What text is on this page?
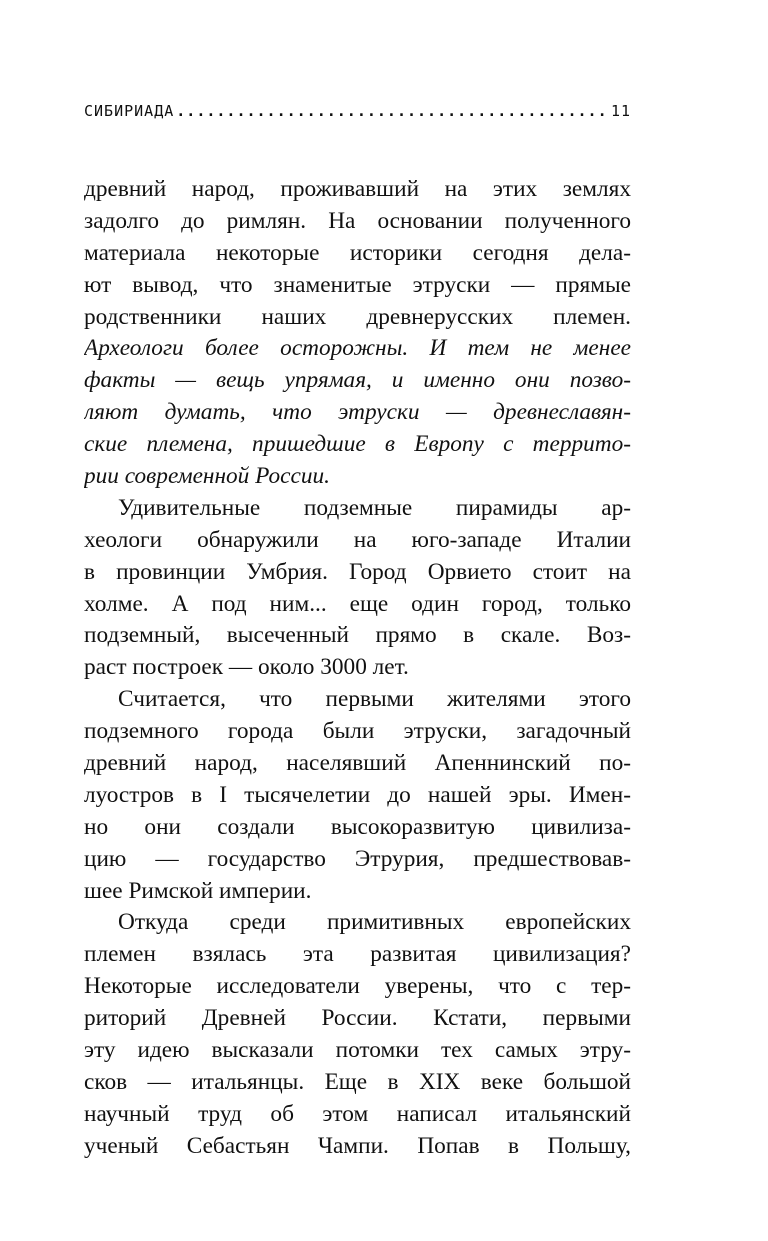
СИБИРИАДА
.....	11

древний народ, проживавший на этих землях
задолго до римлян. На основании полученного
материала некоторые историки сегодня дела-
ют вывод, что знаменитые этруски — прямые
родственники наших древнерусских племен.
Археологи более осторожны. И тем не менее
факты — вещь упрямая, и именно они позво-
ляют думать, что этруски — древнеславян-
ские племена, пришедшие в Европу с террито-
рии современной России.

Удивительные подземные пирамиды ар-
хеологи обнаружили на юго-западе Италии
в провинции Умбрия. Город Орвието стоит на
холме. А под ним... еще один город, только
подземный, высеченный прямо в скале. Воз-
раст построек — около 3000 лет.

Считается, что первыми жителями этого
подземного города были этруски, загадочный
древний народ, населявший Апеннинский по-
луостров в I тысячелетии до нашей эры. Имен-
но они создали высокоразвитую цивилиза-
цию — государство Этрурия, предшествовав-
шее Римской империи.

Откуда среди примитивных европейских
племен взялась эта развитая цивилизация?
Некоторые исследователи уверены, что с тер-
риторий Древней России. Кстати, первыми
эту идею высказали потомки тех самых этру-
сков — итальянцы. Еще в XIX веке большой
научный труд об этом написал итальянский
ученый Себастьян Чампи. Попав в Польшу,
